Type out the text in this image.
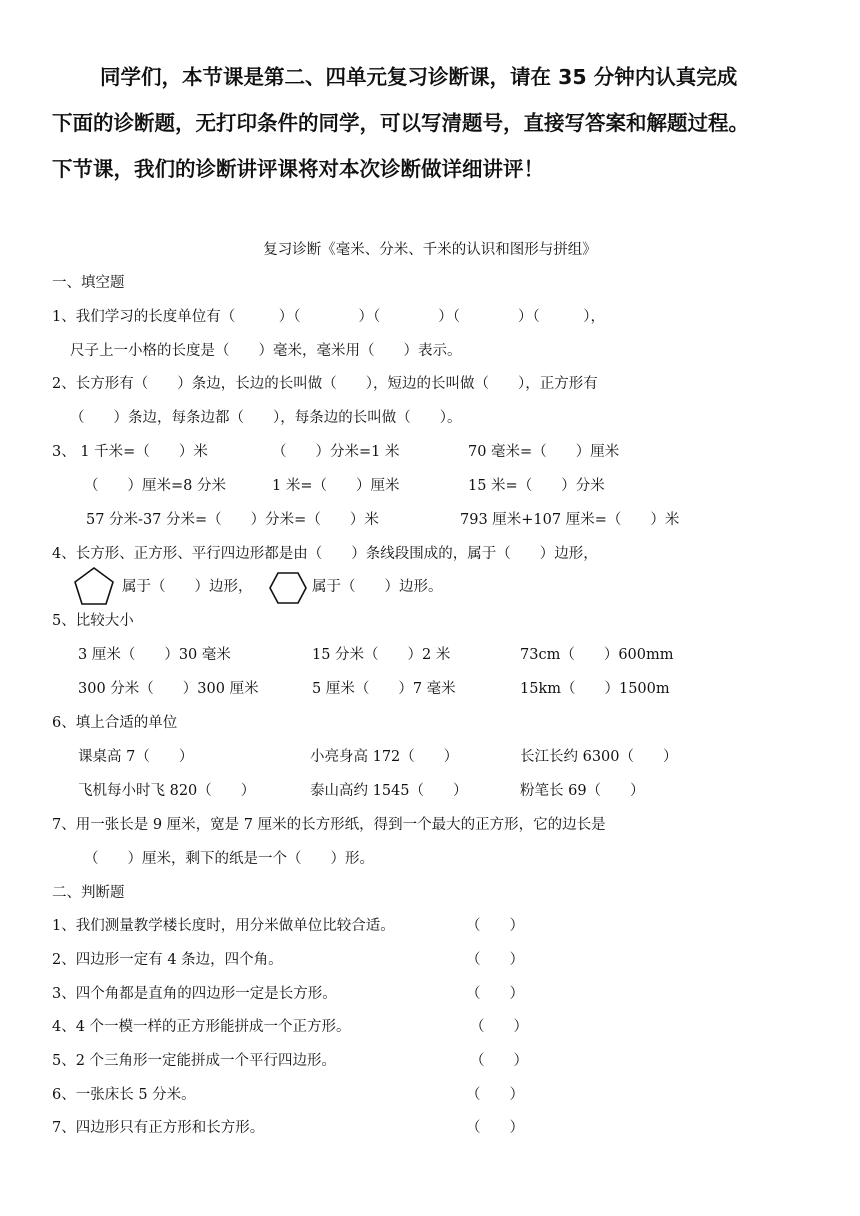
同学们，本节课是第二、四单元复习诊断课，请在 35 分钟内认真完成
下面的诊断题，无打印条件的同学，可以写清题号，直接写答案和解题过程。
下节课，我们的诊断讲评课将对本次诊断做详细讲评！
复习诊断《毫米、分米、千米的认识和图形与拼组》
一、填空题
1、我们学习的长度单位有（　　　）（　　　　）（　　　　）（　　　　）（　　　），
尺子上一小格的长度是（　　）毫米，毫米用（　　）表示。
2、长方形有（　　）条边，长边的长叫做（　　），短边的长叫做（　　），正方形有
（　　）条边，每条边都（　　），每条边的长叫做（　　）。
3、 1 千米=（　　）米	（　　）分米=1 米	70 毫米=（　　）厘米
（　　）厘米=8 分米	1 米=（　　）厘米	15 米=（　　）分米
57 分米-37 分米=（　　）分米=（　　）米	793 厘米+107 厘米=（　　）米
4、长方形、正方形、平行四边形都是由（　　）条线段围成的，属于（　　）边形，
属于（　　）边形，	属于（　　）边形。
5、比较大小
3 厘米（　　）30 毫米	15 分米（　　）2 米	73cm（　　）600mm
300 分米（　　）300 厘米	5 厘米（　　）7 毫米	15km（　　）1500m
6、填上合适的单位
课桌高 7（　　）	小亮身高 172（　　）	长江长约 6300（　　）
飞机每小时飞 820（　　）	泰山高约 1545（　　）	粉笔长 69（　　）
7、用一张长是 9 厘米，宽是 7 厘米的长方形纸，得到一个最大的正方形，它的边长是
（　　）厘米，剩下的纸是一个（　　）形。
二、判断题
1、我们测量教学楼长度时，用分米做单位比较合适。	（　　）
2、四边形一定有 4 条边，四个角。	（　　）
3、四个角都是直角的四边形一定是长方形。	（　　）
4、4 个一模一样的正方形能拼成一个正方形。	（　　）
5、2 个三角形一定能拼成一个平行四边形。	（　　）
6、一张床长 5 分米。	（　　）
7、四边形只有正方形和长方形。	（　　）
